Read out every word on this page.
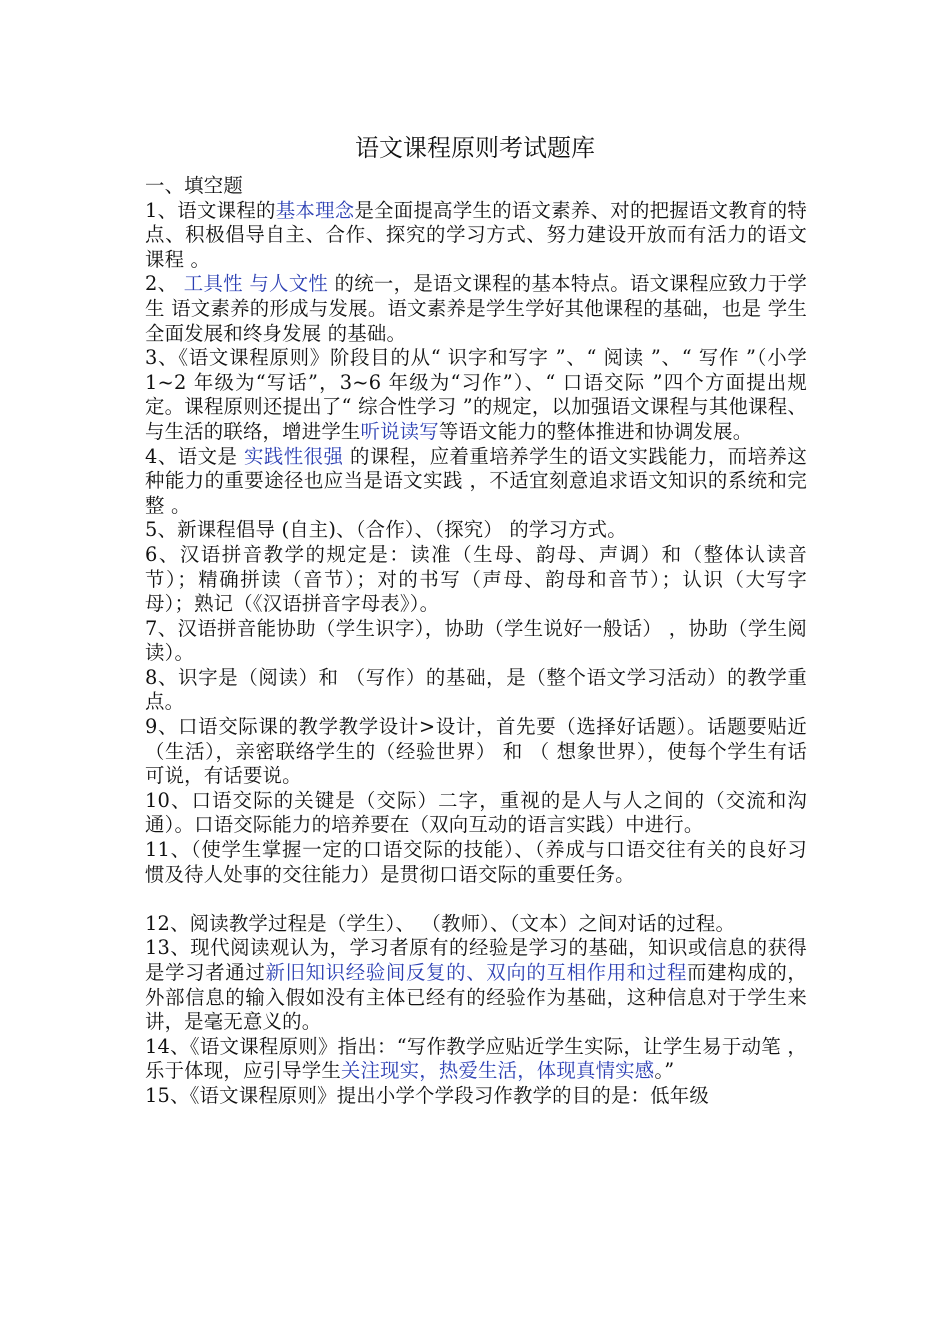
语文课程原则考试题库

一、填空题

1、语文课程的基本理念是全面提高学生的语文素养、对的把握语文教育的特点、积极倡导自主、合作、探究的学习方式、努力建设开放而有活力的语文课程 。

2、 工具性 与人文性 的统一，是语文课程的基本特点。语文课程应致力于学生 语文素养的形成与发展。语文素养是学生学好其他课程的基础，也是 学生全面发展和终身发展 的基础。

3、《语文课程原则》阶段目的从“ 识字和写字 ”、“ 阅读 ”、“ 写作 ”（小学 1~2 年级为“写话”，3~6 年级为“习作”）、“ 口语交际 ”四个方面提出规定。课程原则还提出了“ 综合性学习 ”的规定，以加强语文课程与其他课程、与生活的联络，增进学生听说读写等语文能力的整体推进和协调发展。

4、语文是 实践性很强 的课程，应着重培养学生的语文实践能力，而培养这种能力的重要途径也应当是语文实践 ，不适宜刻意追求语文知识的系统和完整 。

5、新课程倡导 (自主)、（合作）、（探究） 的学习方式。

6、汉语拼音教学的规定是：读准（生母、韵母、声调）和（整体认读音节）；精确拼读（音节）；对的书写（声母、韵母和音节）；认识（大写字母）；熟记（《汉语拼音字母表》）。

7、汉语拼音能协助（学生识字），协助（学生说好一般话） ，协助（学生阅读）。

8、识字是（阅读）和 （写作）的基础，是（整个语文学习活动）的教学重点。

9、口语交际课的教学教学设计>设计，首先要（选择好话题）。话题要贴近（生活），亲密联络学生的（经验世界） 和 （ 想象世界），使每个学生有话可说，有话要说。

10、口语交际的关键是（交际）二字，重视的是人与人之间的（交流和沟通）。口语交际能力的培养要在（双向互动的语言实践）中进行。

11、（使学生掌握一定的口语交际的技能）、（养成与口语交往有关的良好习惯及待人处事的交往能力）是贯彻口语交际的重要任务。

12、阅读教学过程是（学生）、 （教师）、（文本）之间对话的过程。

13、现代阅读观认为，学习者原有的经验是学习的基础，知识或信息的获得是学习者通过新旧知识经验间反复的、双向的互相作用和过程而建构成的，外部信息的输入假如没有主体已经有的经验作为基础，这种信息对于学生来讲，是毫无意义的。

14、《语文课程原则》指出：“写作教学应贴近学生实际，让学生易于动笔 ，乐于体现，应引导学生关注现实，热爱生活，体现真情实感。”

15、《语文课程原则》提出小学个学段习作教学的目的是：低年级
